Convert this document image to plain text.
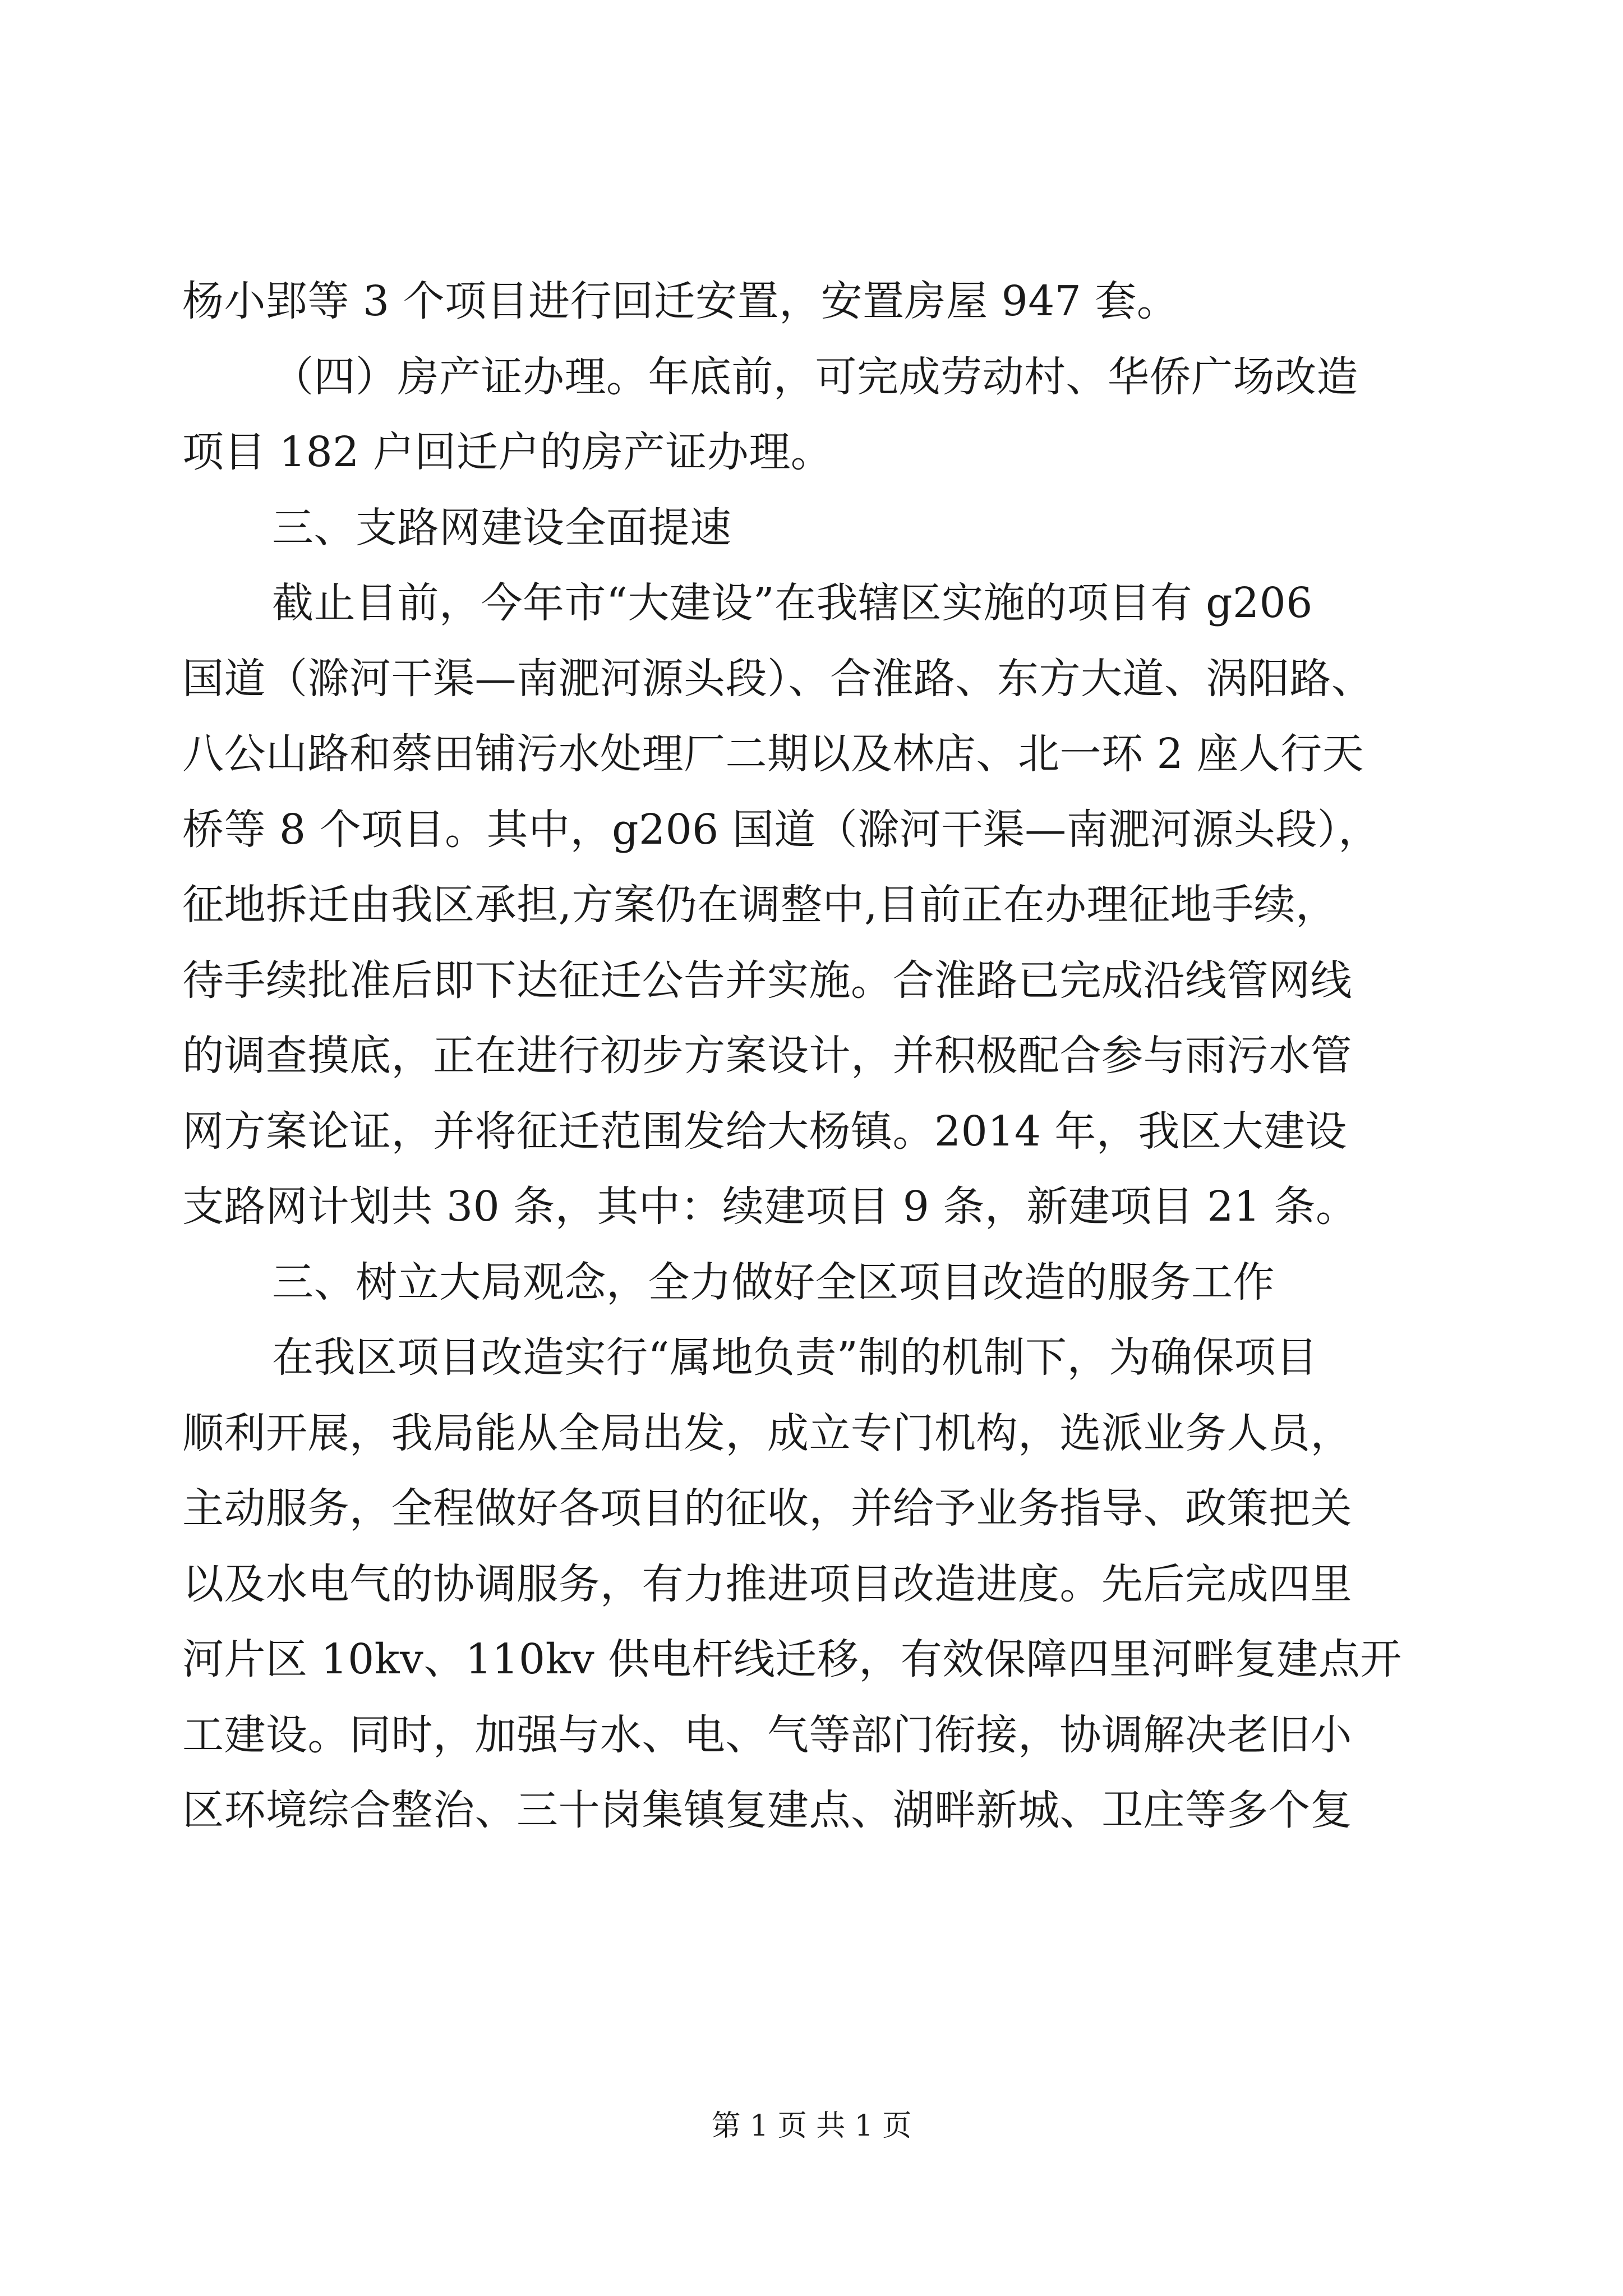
杨小郢等 3 个项目进行回迁安置，安置房屋 947 套。
（四）房产证办理。年底前，可完成劳动村、华侨广场改造
项目 182 户回迁户的房产证办理。
三、支路网建设全面提速
截止目前，今年市“大建设”在我辖区实施的项目有 g206
国道（滁河干渠—南淝河源头段）、合淮路、东方大道、涡阳路、
八公山路和蔡田铺污水处理厂二期以及林店、北一环 2 座人行天
桥等 8 个项目。其中，g206 国道（滁河干渠—南淝河源头段），
征地拆迁由我区承担,方案仍在调整中,目前正在办理征地手续，
待手续批准后即下达征迁公告并实施。合淮路已完成沿线管网线
的调查摸底，正在进行初步方案设计，并积极配合参与雨污水管
网方案论证，并将征迁范围发给大杨镇。2014 年，我区大建设
支路网计划共 30 条，其中：续建项目 9 条，新建项目 21 条。
三、树立大局观念，全力做好全区项目改造的服务工作
在我区项目改造实行“属地负责”制的机制下，为确保项目
顺利开展，我局能从全局出发，成立专门机构，选派业务人员，
主动服务，全程做好各项目的征收，并给予业务指导、政策把关
以及水电气的协调服务，有力推进项目改造进度。先后完成四里
河片区 10kv、110kv 供电杆线迁移，有效保障四里河畔复建点开
工建设。同时，加强与水、电、气等部门衔接，协调解决老旧小
区环境综合整治、三十岗集镇复建点、湖畔新城、卫庄等多个复
第 1 页 共 1 页
